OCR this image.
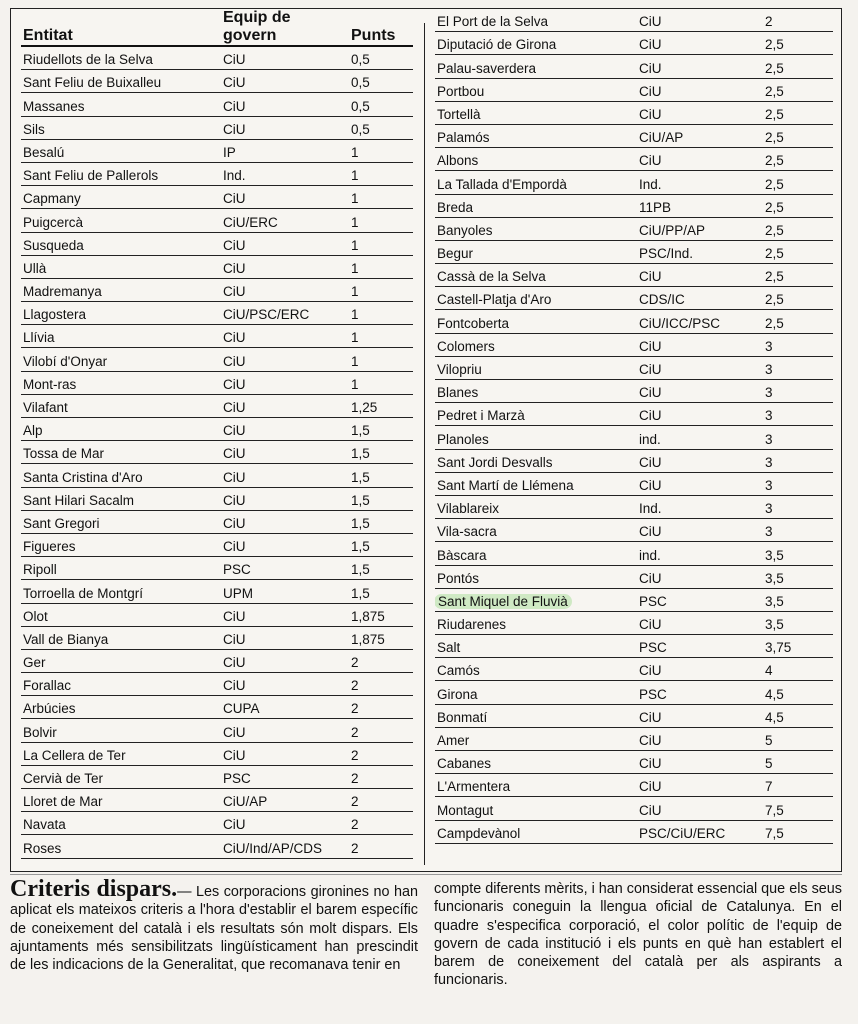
Entitat	Equip de govern	Punts
Riudellots de la Selva	CiU	0,5
Sant Feliu de Buixalleu	CiU	0,5
Massanes	CiU	0,5
Sils	CiU	0,5
Besalú	IP	1
Sant Feliu de Pallerols	Ind.	1
Capmany	CiU	1
Puigcercà	CiU/ERC	1
Susqueda	CiU	1
Ullà	CiU	1
Madremanya	CiU	1
Llagostera	CiU/PSC/ERC	1
Llívia	CiU	1
Vilobí d'Onyar	CiU	1
Mont-ras	CiU	1
Vilafant	CiU	1,25
Alp	CiU	1,5
Tossa de Mar	CiU	1,5
Santa Cristina d'Aro	CiU	1,5
Sant Hilari Sacalm	CiU	1,5
Sant Gregori	CiU	1,5
Figueres	CiU	1,5
Ripoll	PSC	1,5
Torroella de Montgrí	UPM	1,5
Olot	CiU	1,875
Vall de Bianya	CiU	1,875
Ger	CiU	2
Forallac	CiU	2
Arbúcies	CUPA	2
Bolvir	CiU	2
La Cellera de Ter	CiU	2
Cervià de Ter	PSC	2
Lloret de Mar	CiU/AP	2
Navata	CiU	2
Roses	CiU/Ind/AP/CDS	2
El Port de la Selva	CiU	2
Diputació de Girona	CiU	2,5
Palau-saverdera	CiU	2,5
Portbou	CiU	2,5
Tortellà	CiU	2,5
Palamós	CiU/AP	2,5
Albons	CiU	2,5
La Tallada d'Empordà	Ind.	2,5
Breda	11PB	2,5
Banyoles	CiU/PP/AP	2,5
Begur	PSC/Ind.	2,5
Cassà de la Selva	CiU	2,5
Castell-Platja d'Aro	CDS/IC	2,5
Fontcoberta	CiU/ICC/PSC	2,5
Colomers	CiU	3
Vilopriu	CiU	3
Blanes	CiU	3
Pedret i Marzà	CiU	3
Planoles	ind.	3
Sant Jordi Desvalls	CiU	3
Sant Martí de Llémena	CiU	3
Vilablareix	Ind.	3
Vila-sacra	CiU	3
Bàscara	ind.	3,5
Pontós	CiU	3,5
Sant Miquel de Fluvià	PSC	3,5
Riudarenes	CiU	3,5
Salt	PSC	3,75
Camós	CiU	4
Girona	PSC	4,5
Bonmatí	CiU	4,5
Amer	CiU	5
Cabanes	CiU	5
L'Armentera	CiU	7
Montagut	CiU	7,5
Campdevànol	PSC/CiU/ERC	7,5
Criteris dispars.— Les corporacions gironines no han aplicat els mateixos criteris a l'hora d'establir el barem específic de coneixement del català i els resultats són molt dispars. Els ajuntaments més sensibilitzats lingüísticament han prescindit de les indicacions de la Generalitat, que recomanava tenir en
compte diferents mèrits, i han considerat essencial que els seus funcionaris coneguin la llengua oficial de Catalunya. En el quadre s'especifica corporació, el color polític de l'equip de govern de cada institució i els punts en què han establert el barem de coneixement del català per als aspirants a funcionaris.
